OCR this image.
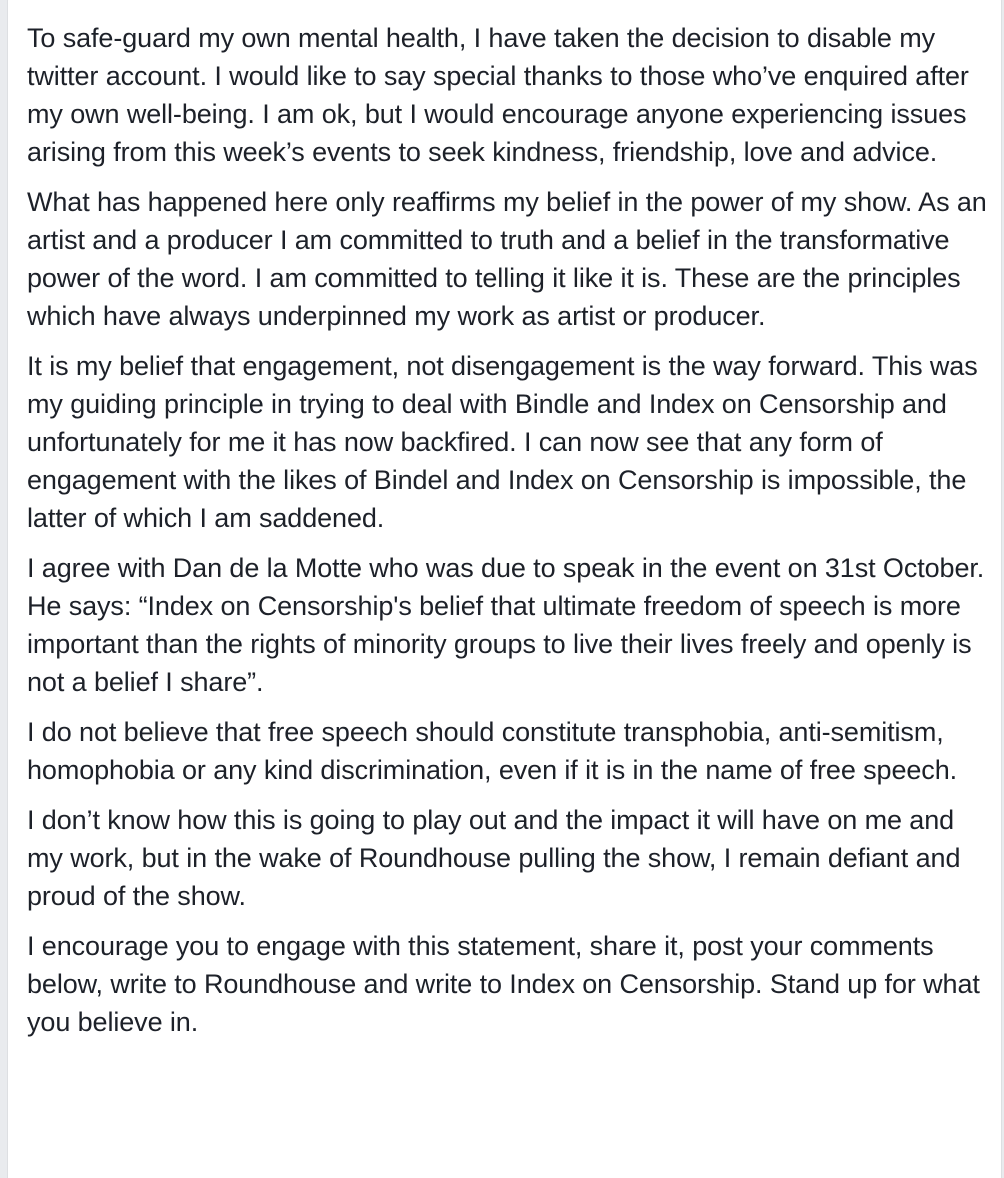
To safe-guard my own mental health, I have taken the decision to disable my twitter account. I would like to say special thanks to those who’ve enquired after my own well-being. I am ok, but I would encourage anyone experiencing issues arising from this week’s events to seek kindness, friendship, love and advice.

What has happened here only reaffirms my belief in the power of my show. As an artist and a producer I am committed to truth and a belief in the transformative power of the word. I am committed to telling it like it is. These are the principles which have always underpinned my work as artist or producer.

It is my belief that engagement, not disengagement is the way forward. This was my guiding principle in trying to deal with Bindle and Index on Censorship and unfortunately for me it has now backfired. I can now see that any form of engagement with the likes of Bindel and Index on Censorship is impossible, the latter of which I am saddened.

I agree with Dan de la Motte who was due to speak in the event on 31st October. He says: “Index on Censorship's belief that ultimate freedom of speech is more important than the rights of minority groups to live their lives freely and openly is not a belief I share”.

I do not believe that free speech should constitute transphobia, anti-semitism, homophobia or any kind discrimination, even if it is in the name of free speech.

I don’t know how this is going to play out and the impact it will have on me and my work, but in the wake of Roundhouse pulling the show, I remain defiant and proud of the show.

I encourage you to engage with this statement, share it, post your comments below, write to Roundhouse and write to Index on Censorship. Stand up for what you believe in.
